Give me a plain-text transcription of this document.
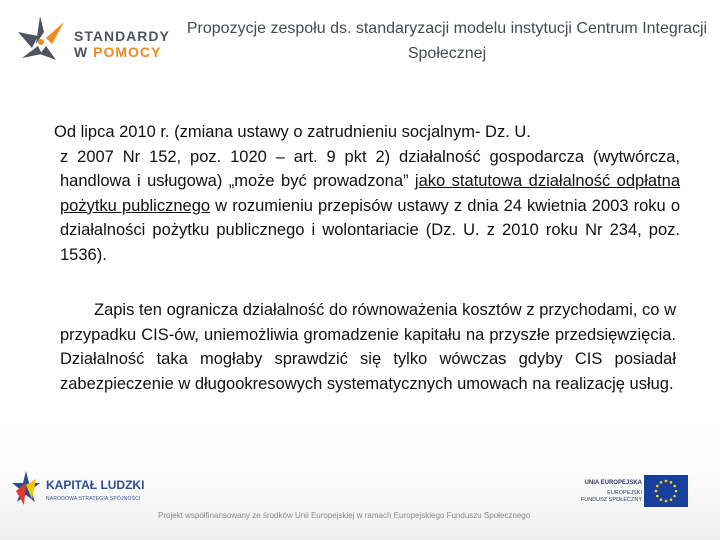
STANDARDY
W POMOCY
Propozycje zespołu ds. standaryzacji modelu instytucji Centrum Integracji Społecznej
Od lipca 2010 r. (zmiana ustawy o zatrudnieniu socjalnym- Dz. U.
z 2007 Nr 152, poz. 1020 – art. 9 pkt 2) działalność gospodarcza (wytwórcza, handlowa i usługowa) „może być prowadzona” jako statutowa działalność odpłatna pożytku publicznego w rozumieniu przepisów ustawy z dnia 24 kwietnia 2003 roku o działalności pożytku publicznego i wolontariacie (Dz. U. z 2010 roku Nr 234, poz. 1536).
Zapis ten ogranicza działalność do równoważenia kosztów z przychodami, co w przypadku CIS-ów, uniemożliwia gromadzenie kapitału na przyszłe przedsięwzięcia. Działalność taka mogłaby sprawdzić się tylko wówczas gdyby CIS posiadał zabezpieczenie w długookresowych systematycznych umowach na realizację usług.
KAPITAŁ LUDZKI
NARODOWA STRATEGIA SPÓJNOŚCI
Projekt współfinansowany ze środków Unii Europejskiej w ramach Europejskiego Funduszu Społecznego
UNIA EUROPEJSKA
EUROPEJSKI
FUNDUSZ SPOŁECZNY
